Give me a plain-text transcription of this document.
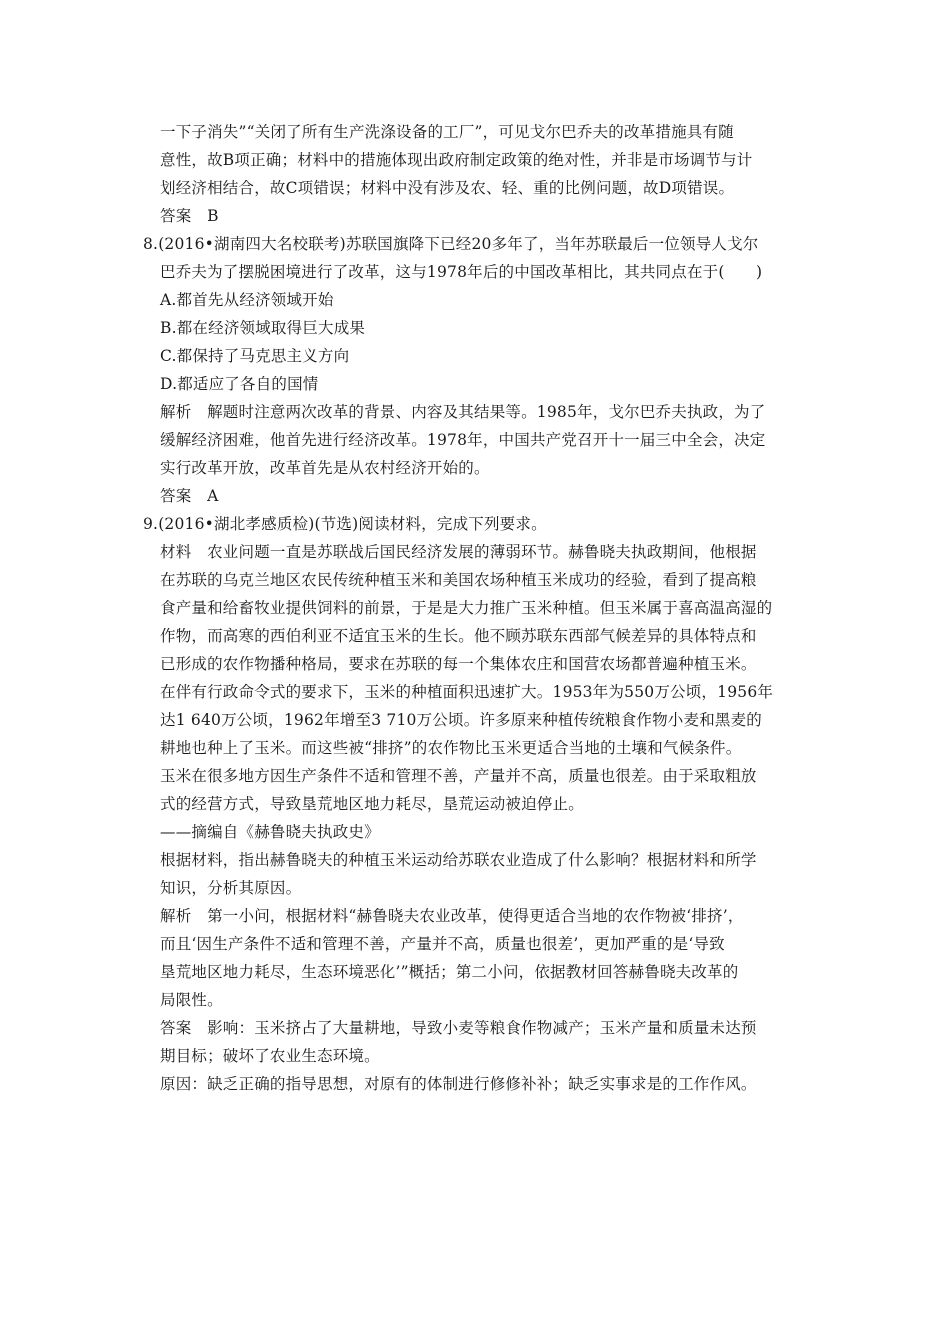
一下子消失”“关闭了所有生产洗涤设备的工厂”，可见戈尔巴乔夫的改革措施具有随
意性，故B项正确；材料中的措施体现出政府制定政策的绝对性，并非是市场调节与计
划经济相结合，故C项错误；材料中没有涉及农、轻、重的比例问题，故D项错误。
答案　B
8.(2016•湖南四大名校联考)苏联国旗降下已经20多年了，当年苏联最后一位领导人戈尔
巴乔夫为了摆脱困境进行了改革，这与1978年后的中国改革相比，其共同点在于(　　)
A.都首先从经济领域开始
B.都在经济领域取得巨大成果
C.都保持了马克思主义方向
D.都适应了各自的国情
解析　解题时注意两次改革的背景、内容及其结果等。1985年，戈尔巴乔夫执政，为了
缓解经济困难，他首先进行经济改革。1978年，中国共产党召开十一届三中全会，决定
实行改革开放，改革首先是从农村经济开始的。
答案　A
9.(2016•湖北孝感质检)(节选)阅读材料，完成下列要求。
材料　农业问题一直是苏联战后国民经济发展的薄弱环节。赫鲁晓夫执政期间，他根据
在苏联的乌克兰地区农民传统种植玉米和美国农场种植玉米成功的经验，看到了提高粮
食产量和给畜牧业提供饲料的前景，于是是大力推广玉米种植。但玉米属于喜高温高湿的
作物，而高寒的西伯利亚不适宜玉米的生长。他不顾苏联东西部气候差异的具体特点和
已形成的农作物播种格局，要求在苏联的每一个集体农庄和国营农场都普遍种植玉米。
在伴有行政命令式的要求下，玉米的种植面积迅速扩大。1953年为550万公顷，1956年
达1 640万公顷，1962年增至3 710万公顷。许多原来种植传统粮食作物小麦和黑麦的
耕地也种上了玉米。而这些被“排挤”的农作物比玉米更适合当地的土壤和气候条件。
玉米在很多地方因生产条件不适和管理不善，产量并不高，质量也很差。由于采取粗放
式的经营方式，导致垦荒地区地力耗尽，垦荒运动被迫停止。
——摘编自《赫鲁晓夫执政史》
根据材料，指出赫鲁晓夫的种植玉米运动给苏联农业造成了什么影响？根据材料和所学
知识，分析其原因。
解析　第一小问，根据材料“赫鲁晓夫农业改革，使得更适合当地的农作物被‘排挤’，
而且‘因生产条件不适和管理不善，产量并不高，质量也很差’，更加严重的是‘导致
垦荒地区地力耗尽，生态环境恶化’”概括；第二小问，依据教材回答赫鲁晓夫改革的
局限性。
答案　影响：玉米挤占了大量耕地，导致小麦等粮食作物减产；玉米产量和质量未达预
期目标；破坏了农业生态环境。
原因：缺乏正确的指导思想，对原有的体制进行修修补补；缺乏实事求是的工作作风。
